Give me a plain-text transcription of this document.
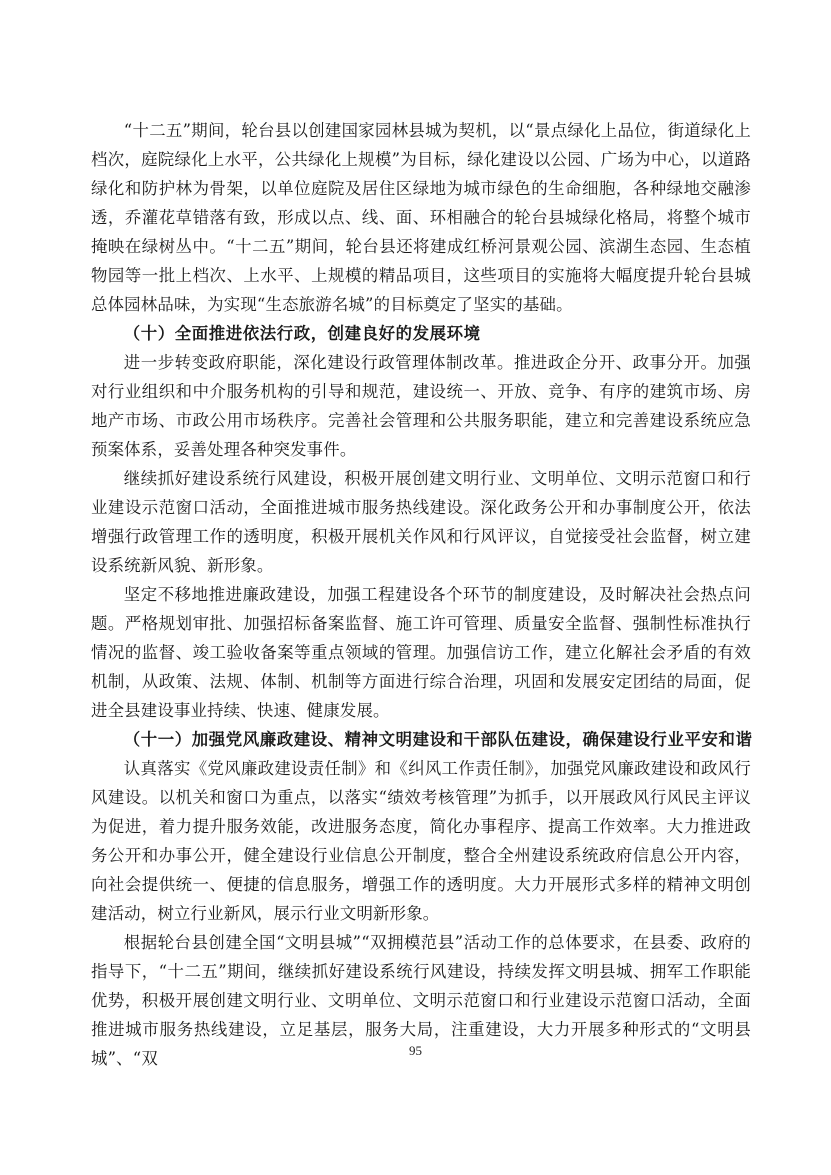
“十二五”期间，轮台县以创建国家园林县城为契机，以“景点绿化上品位，街道绿化上档次，庭院绿化上水平，公共绿化上规模”为目标，绿化建设以公园、广场为中心，以道路绿化和防护林为骨架，以单位庭院及居住区绿地为城市绿色的生命细胞，各种绿地交融渗透，乔灌花草错落有致，形成以点、线、面、环相融合的轮台县城绿化格局，将整个城市掩映在绿树丛中。“十二五”期间，轮台县还将建成红桥河景观公园、滨湖生态园、生态植物园等一批上档次、上水平、上规模的精品项目，这些项目的实施将大幅度提升轮台县城总体园林品味，为实现“生态旅游名城”的目标奠定了坚实的基础。

（十）全面推进依法行政，创建良好的发展环境

进一步转变政府职能，深化建设行政管理体制改革。推进政企分开、政事分开。加强对行业组织和中介服务机构的引导和规范，建设统一、开放、竞争、有序的建筑市场、房地产市场、市政公用市场秩序。完善社会管理和公共服务职能，建立和完善建设系统应急预案体系，妥善处理各种突发事件。

继续抓好建设系统行风建设，积极开展创建文明行业、文明单位、文明示范窗口和行业建设示范窗口活动，全面推进城市服务热线建设。深化政务公开和办事制度公开，依法增强行政管理工作的透明度，积极开展机关作风和行风评议，自觉接受社会监督，树立建设系统新风貌、新形象。

坚定不移地推进廉政建设，加强工程建设各个环节的制度建设，及时解决社会热点问题。严格规划审批、加强招标备案监督、施工许可管理、质量安全监督、强制性标准执行情况的监督、竣工验收备案等重点领域的管理。加强信访工作，建立化解社会矛盾的有效机制，从政策、法规、体制、机制等方面进行综合治理，巩固和发展安定团结的局面，促进全县建设事业持续、快速、健康发展。

（十一）加强党风廉政建设、精神文明建设和干部队伍建设，确保建设行业平安和谐

认真落实《党风廉政建设责任制》和《纠风工作责任制》，加强党风廉政建设和政风行风建设。以机关和窗口为重点，以落实“绩效考核管理”为抓手，以开展政风行风民主评议为促进，着力提升服务效能，改进服务态度，简化办事程序、提高工作效率。大力推进政务公开和办事公开，健全建设行业信息公开制度，整合全州建设系统政府信息公开内容，向社会提供统一、便捷的信息服务，增强工作的透明度。大力开展形式多样的精神文明创建活动，树立行业新风，展示行业文明新形象。

根据轮台县创建全国“文明县城”“双拥模范县”活动工作的总体要求，在县委、政府的指导下，“十二五”期间，继续抓好建设系统行风建设，持续发挥文明县城、拥军工作职能优势，积极开展创建文明行业、文明单位、文明示范窗口和行业建设示范窗口活动，全面推进城市服务热线建设，立足基层，服务大局，注重建设，大力开展多种形式的“文明县城”、“双	95
